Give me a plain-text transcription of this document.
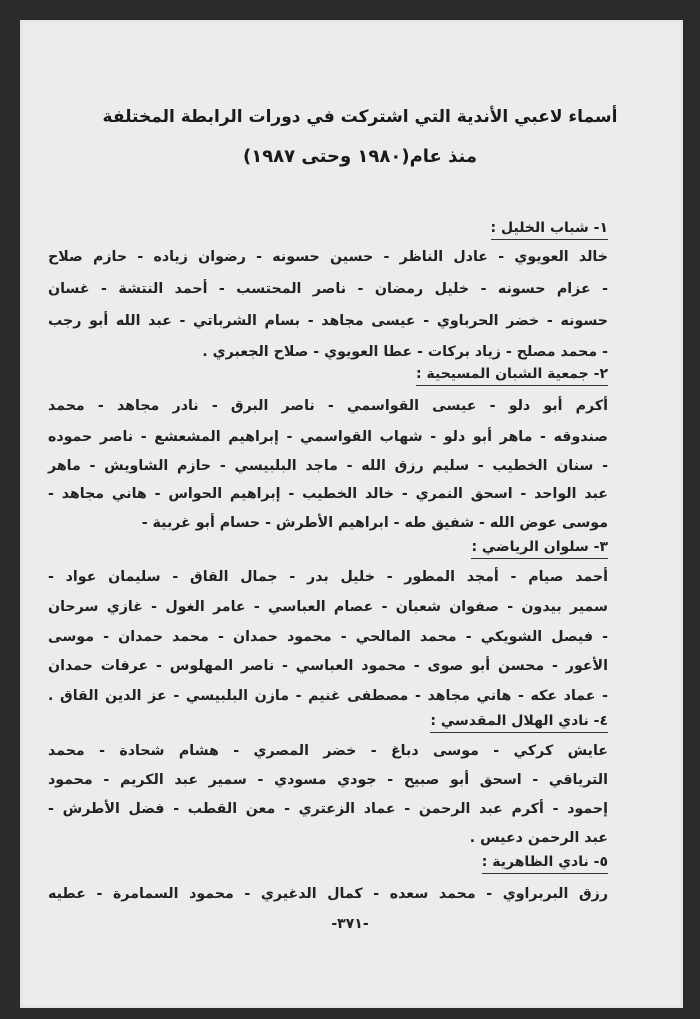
أسماء لاعبي الأندية التي اشتركت في دورات الرابطة المختلفة
منذ عام(١٩٨٠ وحتى ١٩٨٧)
١- شباب الخليل :
خالد العويوي - عادل الناظر - حسين حسونه - رضوان زياده - حازم صلاح
- عزام حسونه - خليل رمضان - ناصر المحتسب - أحمد النتشة - غسان
حسونه - خضر الحرباوي - عيسى مجاهد - بسام الشرباتي - عبد الله أبو رجب
- محمد مصلح - زياد بركات - عطا العويوي - صلاح الجعبري .
٢- جمعية الشبان المسيحية :
أكرم أبو دلو - عيسى القواسمي - ناصر البرق - نادر مجاهد - محمد
صندوقه - ماهر أبو دلو - شهاب القواسمي - إبراهيم المشعشع - ناصر حموده
- سنان الخطيب - سليم رزق الله - ماجد البلبيسي - حازم الشاويش - ماهر
عبد الواحد - اسحق النمري - خالد الخطيب - إبراهيم الحواس - هاني مجاهد -
موسى عوض الله - شفيق طه - ابراهيم الأطرش - حسام أبو غربية -
٣- سلوان الرياضي :
أحمد صيام - أمجد المطور - خليل بدر - جمال القاق - سليمان عواد -
سمير بيدون - صفوان شعبان - عصام العباسي - عامر الغول - غازي سرحان
- فيصل الشويكي - محمد المالحي - محمود حمدان - محمد حمدان - موسى
الأعور - محسن أبو صوى - محمود العباسي - ناصر المهلوس - عرفات حمدان
- عماد عكه - هاني مجاهد - مصطفى غنيم - مازن البلبيسي - عز الدين القاق .
٤- نادي الهلال المقدسي :
عايش كركي - موسى دباغ - خضر المصري - هشام شحادة - محمد
الترياقي - اسحق أبو صبيح - جودي مسودي - سمير عبد الكريم - محمود
إحمود - أكرم عبد الرحمن - عماد الزعتري - معن القطب - فضل الأطرش -
عبد الرحمن دعيس .
٥- نادي الظاهرية :
رزق البربراوي - محمد سعده - كمال الدغيري - محمود السمامرة - عطيه
-٣٧١-
